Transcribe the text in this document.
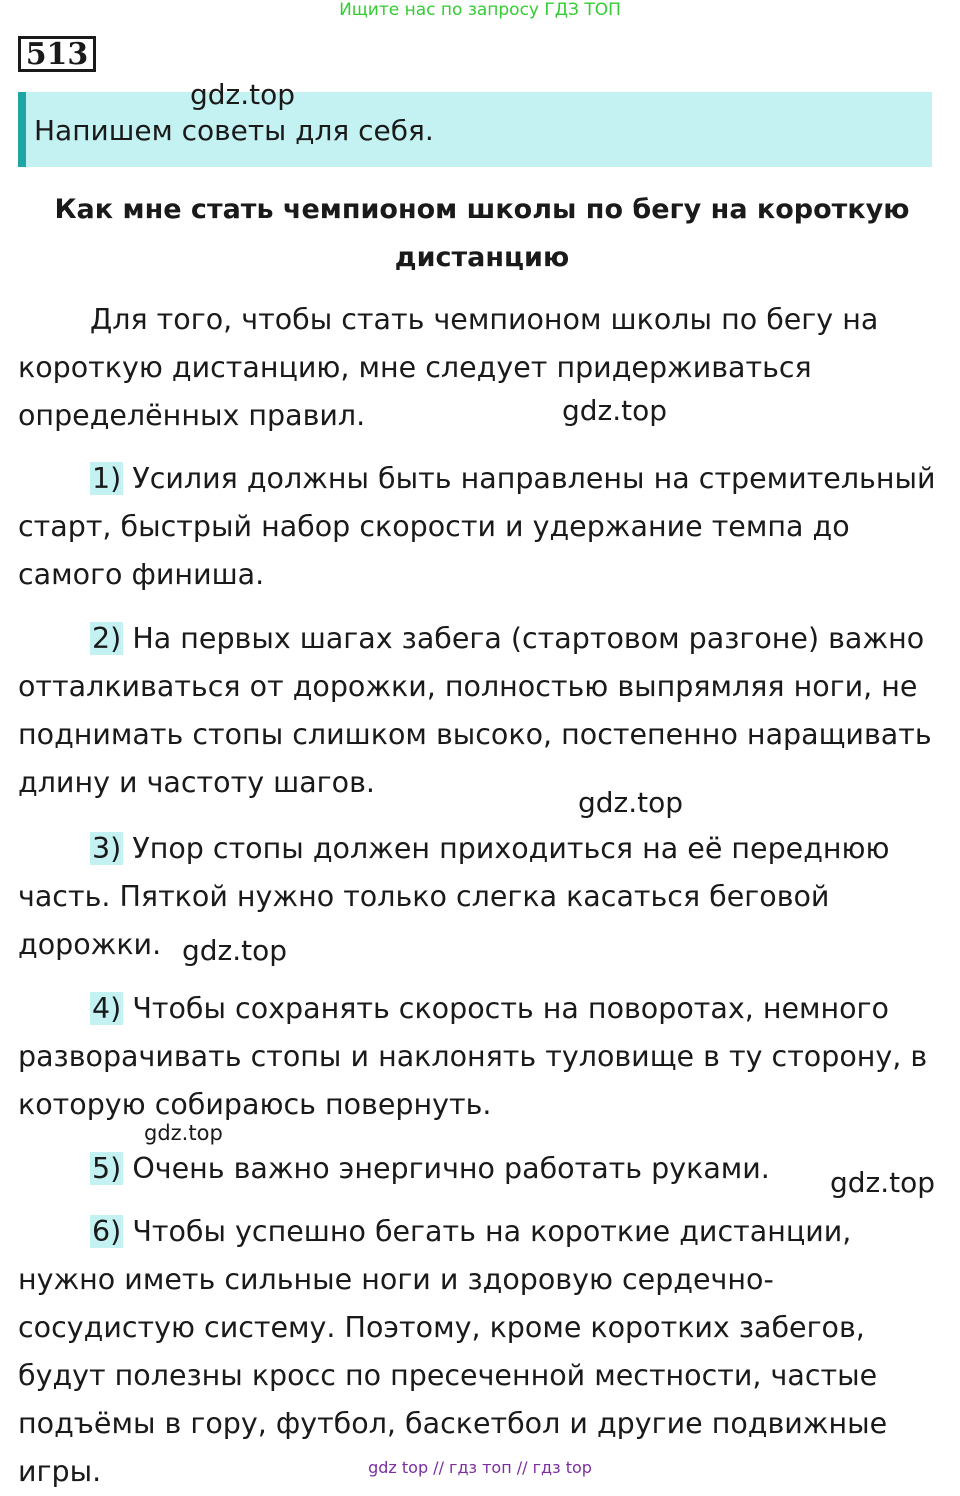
Ищите нас по запросу ГДЗ ТОП
513
Напишем советы для себя.
gdz.top
Как мне стать чемпионом школы по бегу на короткую дистанцию

Для того, чтобы стать чемпионом школы по бегу на короткую дистанцию, мне следует придерживаться определённых правил.	gdz.top

1) Усилия должны быть направлены на стремительный старт, быстрый набор скорости и удержание темпа до самого финиша.

2) На первых шагах забега (стартовом разгоне) важно отталкиваться от дорожки, полностью выпрямляя ноги, не поднимать стопы слишком высоко, постепенно наращивать длину и частоту шагов.

gdz.top

3) Упор стопы должен приходиться на её переднюю часть. Пяткой нужно только слегка касаться беговой дорожки. gdz.top

4) Чтобы сохранять скорость на поворотах, немного разворачивать стопы и наклонять туловище в ту сторону, в которую собираюсь повернуть.

gdz.top

5) Очень важно энергично работать руками.	gdz.top

6) Чтобы успешно бегать на короткие дистанции, нужно иметь сильные ноги и здоровую сердечно-сосудистую систему. Поэтому, кроме коротких забегов, будут полезны кросс по пресеченной местности, частые подъёмы в гору, футбол, баскетбол и другие подвижные игры.	gdz top // гдз топ // гдз top
